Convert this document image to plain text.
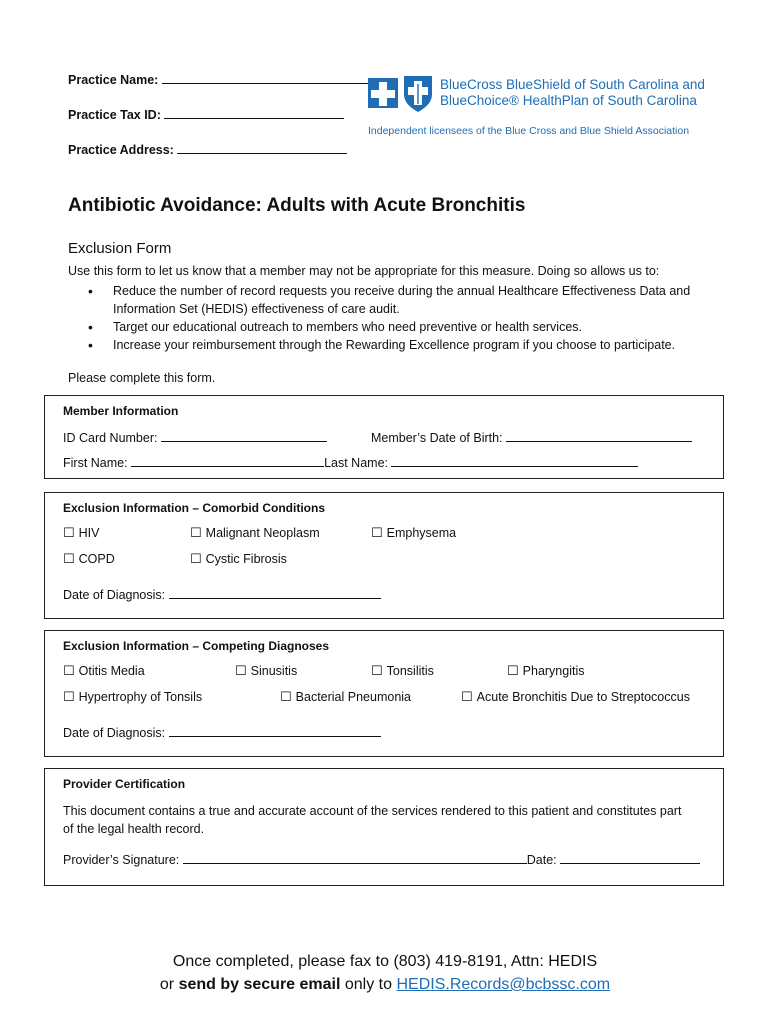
Practice Name:
Practice Tax ID:
Practice Address:
BlueCross BlueShield of South Carolina and
BlueChoice® HealthPlan of South Carolina
Independent licensees of the Blue Cross and Blue Shield Association
Antibiotic Avoidance: Adults with Acute Bronchitis
Exclusion Form
Use this form to let us know that a member may not be appropriate for this measure. Doing so allows us to:
• Reduce the number of record requests you receive during the annual Healthcare Effectiveness Data and Information Set (HEDIS) effectiveness of care audit.
• Target our educational outreach to members who need preventive or health services.
• Increase your reimbursement through the Rewarding Excellence program if you choose to participate.
Please complete this form.
Member Information
ID Card Number:	Member’s Date of Birth:
First Name:	Last Name:
Exclusion Information – Comorbid Conditions
☐ HIV	☐ Malignant Neoplasm	☐ Emphysema
☐ COPD	☐ Cystic Fibrosis
Date of Diagnosis:
Exclusion Information – Competing Diagnoses
☐ Otitis Media	☐ Sinusitis	☐ Tonsilitis	☐ Pharyngitis
☐ Hypertrophy of Tonsils	☐ Bacterial Pneumonia	☐ Acute Bronchitis Due to Streptococcus
Date of Diagnosis:
Provider Certification
This document contains a true and accurate account of the services rendered to this patient and constitutes part
of the legal health record.
Provider’s Signature:	Date:
Once completed, please fax to (803) 419-8191, Attn: HEDIS
or send by secure email only to HEDIS.Records@bcbssc.com
